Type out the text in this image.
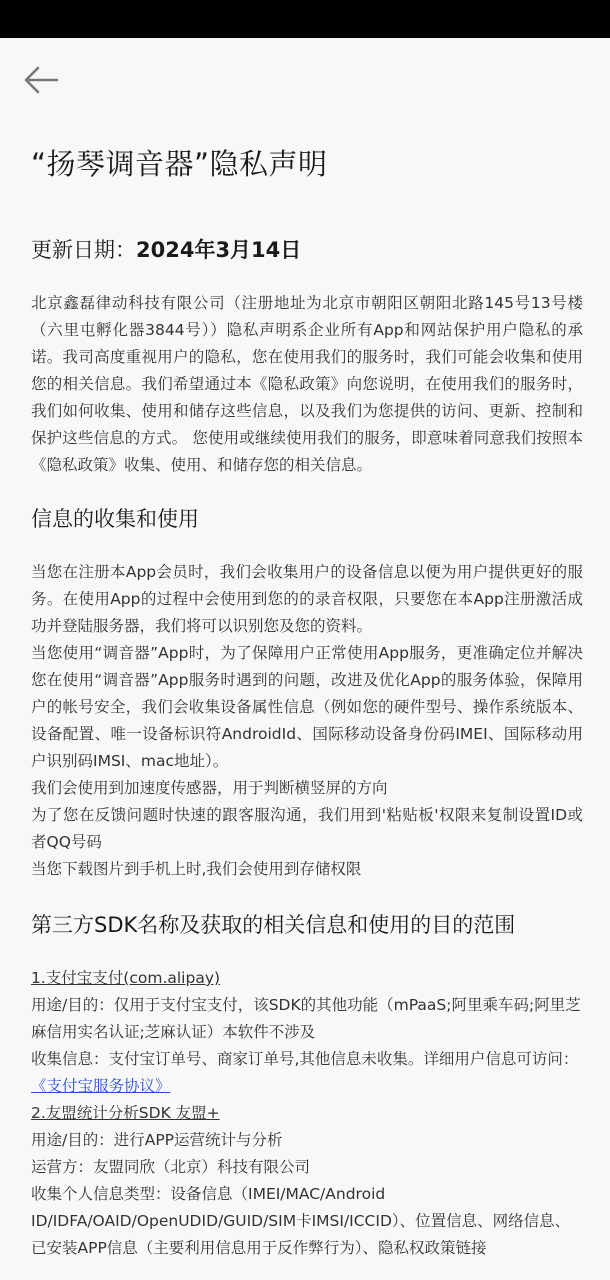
“扬琴调音器”隐私声明
更新日期：2024年3月14日

北京鑫磊律动科技有限公司（注册地址为北京市朝阳区朝阳北路145号13号楼（六里屯孵化器3844号））隐私声明系企业所有App和网站保护用户隐私的承诺。我司高度重视用户的隐私，您在使用我们的服务时，我们可能会收集和使用您的相关信息。我们希望通过本《隐私政策》向您说明，在使用我们的服务时，我们如何收集、使用和储存这些信息，以及我们为您提供的访问、更新、控制和保护这些信息的方式。 您使用或继续使用我们的服务，即意味着同意我们按照本《隐私政策》收集、使用、和储存您的相关信息。

信息的收集和使用

当您在注册本App会员时，我们会收集用户的设备信息以便为用户提供更好的服务。在使用App的过程中会使用到您的的录音权限，只要您在本App注册激活成功并登陆服务器，我们将可以识别您及您的资料。

当您使用“调音器”App时，为了保障用户正常使用App服务，更准确定位并解决您在使用“调音器”App服务时遇到的问题，改进及优化App的服务体验，保障用户的帐号安全，我们会收集设备属性信息（例如您的硬件型号、操作系统版本、设备配置、唯一设备标识符AndroidId、国际移动设备身份码IMEI、国际移动用户识别码IMSI、mac地址）。

我们会使用到加速度传感器，用于判断横竖屏的方向

为了您在反馈问题时快速的跟客服沟通，我们用到'粘贴板'权限来复制设置ID或者QQ号码

当您下载图片到手机上时,我们会使用到存储权限

第三方SDK名称及获取的相关信息和使用的目的范围
1.支付宝支付(com.alipay)
用途/目的：仅用于支付宝支付，该SDK的其他功能（mPaaS;阿里乘车码;阿里芝麻信用实名认证;芝麻认证）本软件不涉及
收集信息：支付宝订单号、商家订单号,其他信息未收集。详细用户信息可访问：《支付宝服务协议》
2.友盟统计分析SDK 友盟+
用途/目的：进行APP运营统计与分析
运营方：友盟同欣（北京）科技有限公司
收集个人信息类型：设备信息（IMEI/MAC/Android ID/IDFA/OAID/OpenUDID/GUID/SIM卡IMSI/ICCID）、位置信息、网络信息、已安装APP信息（主要利用信息用于反作弊行为）、隐私权政策链接
